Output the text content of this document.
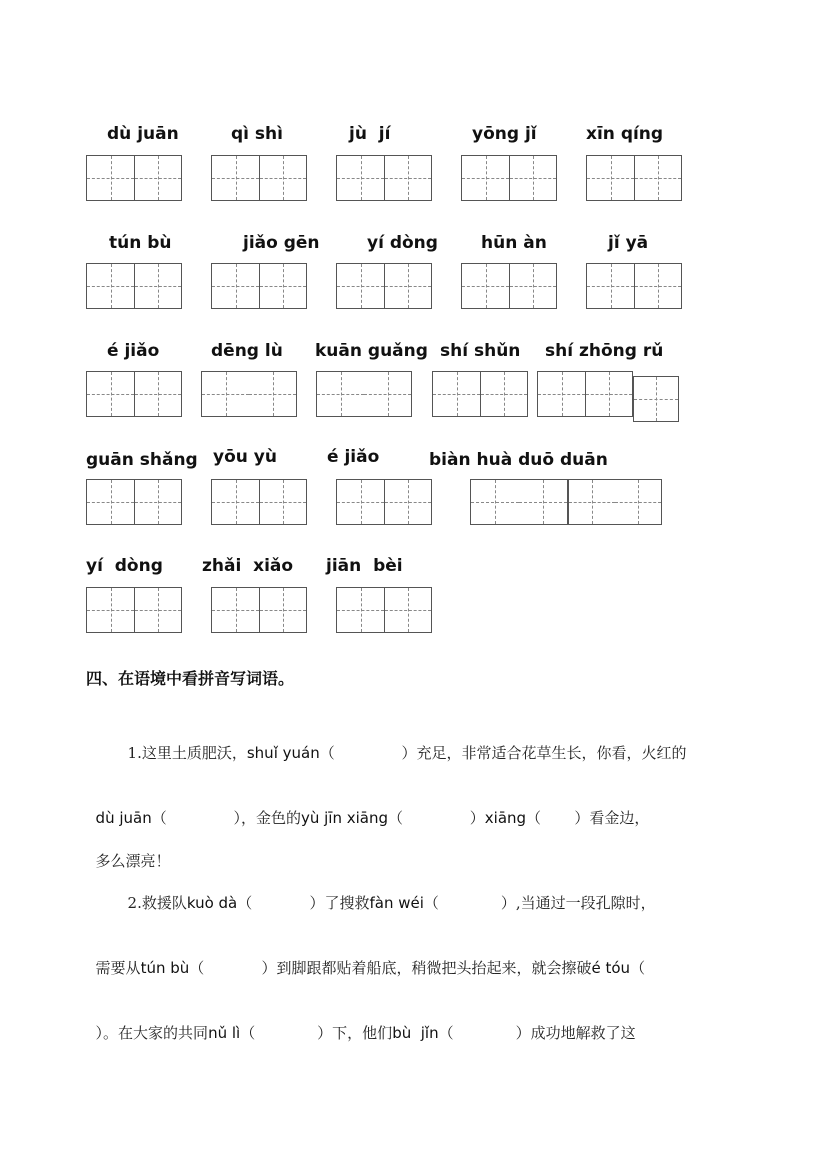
dù juān	qì shì	jù  jí	yōng jǐ	xīn qíng
tún bù	jiǎo gēn	yí dòng	hūn àn	jǐ yā
é jiǎo	dēng lù kuān guǎng shí shǔn shí zhōng rǔ
guān shǎng yōu yù	é jiǎo	biàn huà duō duān
yí  dòng zhǎi  xiǎo jiān  bèi
四、在语境中看拼音写词语。

1.这里土质肥沃，shuǐ yuán（              ）充足，非常适合花草生长，你看，火红的

dù juān（              ），金色的yù jīn xiāng（              ）xiāng（       ）看金边，

多么漂亮！

2.救援队kuò dà（            ）了搜救fàn wéi（             ）,当通过一段孔隙时，

需要从tún bù（            ）到脚跟都贴着船底，稍微把头抬起来，就会擦破é tóu（

）。在大家的共同nǔ lì（             ）下，他们bù  jǐn（             ）成功地解救了这
